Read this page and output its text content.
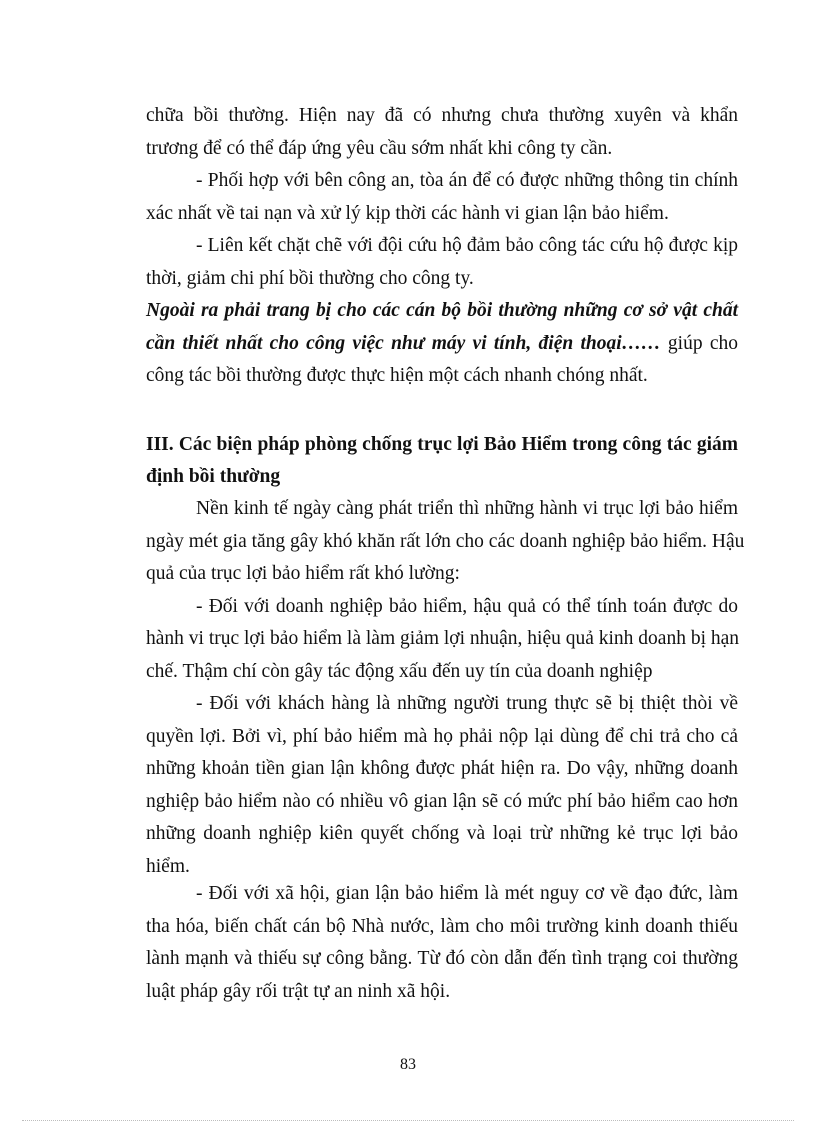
chữa bồi thường. Hiện nay đã có nhưng chưa thường xuyên và khẩn
trương để có thể đáp ứng yêu cầu sớm nhất khi công ty cần.
- Phối hợp với bên công an, tòa án để có được những thông tin chính
xác nhất về tai nạn và xử lý kịp thời các hành vi gian lận bảo hiểm.
- Liên kết chặt chẽ với đội cứu hộ đảm bảo công tác cứu hộ được kịp
thời, giảm chi phí bồi thường cho công ty.
Ngoài ra phải trang bị cho các cán bộ bồi thường những cơ sở vật chất
cần thiết nhất cho công việc như máy vi tính, điện thoại…… giúp cho
công tác bồi thường được thực hiện một cách nhanh chóng nhất.
III. Các biện pháp phòng chống trục lợi Bảo Hiểm trong công tác giám
định bồi thường
Nền kinh tế ngày càng phát triển thì những hành vi trục lợi bảo hiểm
ngày mét gia tăng gây khó khăn rất lớn cho các doanh nghiệp bảo hiểm. Hậu
quả của trục lợi bảo hiểm rất khó lường:
- Đối với doanh nghiệp bảo hiểm, hậu quả có thể tính toán được do
hành vi trục lợi bảo hiểm là làm giảm lợi nhuận, hiệu quả kinh doanh bị hạn
chế. Thậm chí còn gây tác động xấu đến uy tín của doanh nghiệp
- Đối với khách hàng là những người trung thực sẽ bị thiệt thòi về
quyền lợi. Bởi vì, phí bảo hiểm mà họ phải nộp lại dùng để chi trả cho cả
những khoản tiền gian lận không được phát hiện ra. Do vậy, những doanh
nghiệp bảo hiểm nào có nhiều vô gian lận sẽ có mức phí bảo hiểm cao hơn
những doanh nghiệp kiên quyết chống và loại trừ những kẻ trục lợi bảo
hiểm.
- Đối với xã hội, gian lận bảo hiểm là mét nguy cơ về đạo đức, làm
tha hóa, biến chất cán bộ Nhà nước, làm cho môi trường kinh doanh thiếu
lành mạnh và thiếu sự công bằng. Từ đó còn dẫn đến tình trạng coi thường
luật pháp gây rối trật tự an ninh xã hội.
83
